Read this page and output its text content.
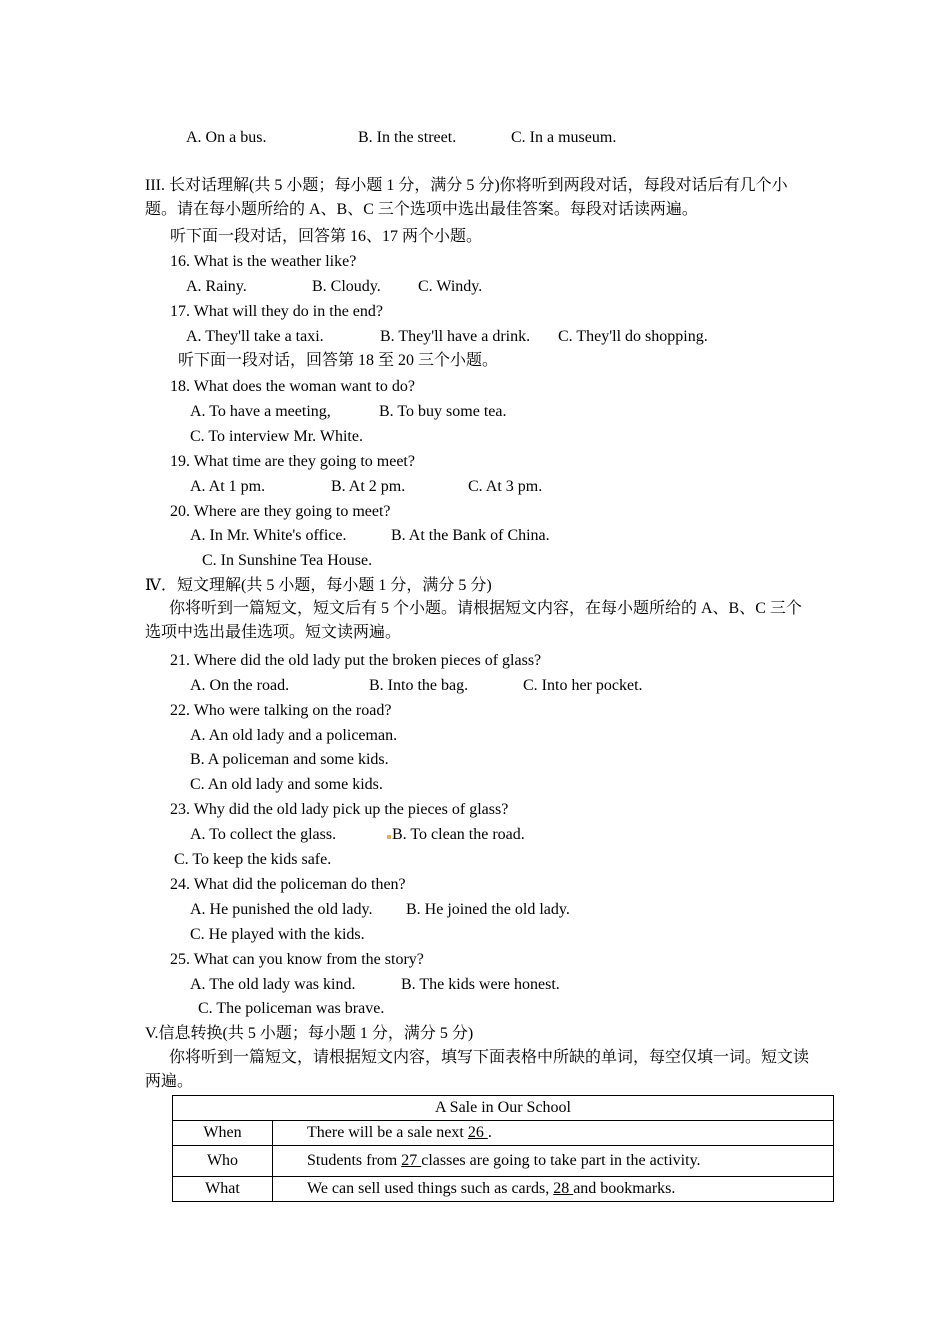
A. On a bus.	B. In the street.	C. In a museum.
III. 长对话理解(共 5 小题；每小题 1 分，满分 5 分)你将听到两段对话，每段对话后有几个小题。请在每小题所给的 A、B、C 三个选项中选出最佳答案。每段对话读两遍。
听下面一段对话，回答第 16、17 两个小题。
16. What is the weather like?
A. Rainy.	B. Cloudy. C. Windy.
17. What will they do in the end?
A. They'll take a taxi.	B. They'll have a drink. C. They'll do shopping.
听下面一段对话，回答第 18 至 20 三个小题。
18. What does the woman want to do?
A. To have a meeting,	B. To buy some tea.
C. To interview Mr. White.
19. What time are they going to meet?
A. At 1 pm.	B. At 2 pm.	C. At 3 pm.
20. Where are they going to meet?
A. In Mr. White's office.	B. At the Bank of China.
C. In Sunshine Tea House.
Ⅳ．短文理解(共 5 小题，每小题 1 分，满分 5 分)
你将听到一篇短文，短文后有 5 个小题。请根据短文内容，在每小题所给的 A、B、C 三个选项中选出最佳选项。短文读两遍。
21. Where did the old lady put the broken pieces of glass?
A. On the road.	B. Into the bag.	C. Into her pocket.
22. Who were talking on the road?
A. An old lady and a policeman.
B. A policeman and some kids.
C. An old lady and some kids.
23. Why did the old lady pick up the pieces of glass?
A. To collect the glass.	B. To clean the road.
C. To keep the kids safe.
24. What did the policeman do then?
A. He punished the old lady. B. He joined the old lady.
C. He played with the kids.
25. What can you know from the story?
A. The old lady was kind.	B. The kids were honest.
C. The policeman was brave.
V.信息转换(共 5 小题；每小题 1 分，满分 5 分)
你将听到一篇短文，请根据短文内容，填写下面表格中所缺的单词，每空仅填一词。短文读两遍。
A Sale in Our School	
When	There will be a sale next 26 .
Who	Students from 27 classes are going to take part in the activity.
What	We can sell used things such as cards, 28 and bookmarks.
